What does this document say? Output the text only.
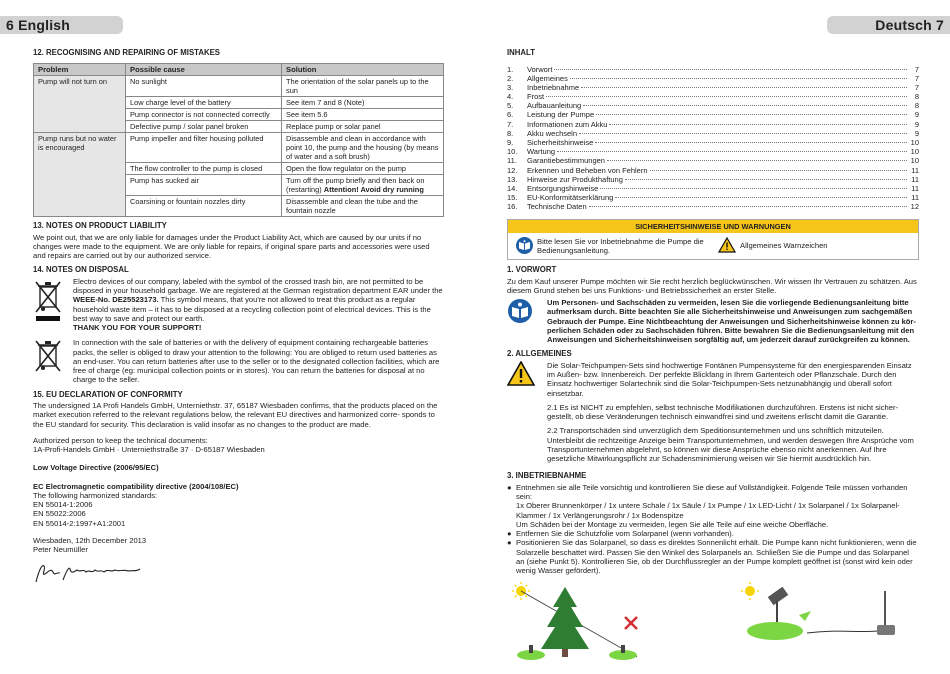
6 English	Deutsch 7
12. RECOGNISING AND REPAIRING OF MISTAKES
Problem	Possible cause	Solution
Pump will not turn on	No sunlight	The orientation of the solar panels up to the sun
	Low charge level of the battery	See item 7 and 8 (Note)
	Pump connector is not connected correctly	See item 5.6
	Defective pump / solar panel broken	Replace pump or solar panel
Pump runs but no water is encouraged	Pump impeller and filter housing polluted	Disassemble and clean in accordance with point 10, the pump and the housing (by means of water and a soft brush)
	The flow controller to the pump is closed	Open the flow regulator on the pump
	Pump has sucked air	Turn off the pump briefly and then back on (restarting) Attention! Avoid dry running
	Coarsining or fountain nozzles dirty	Disassemble and clean the tube and the fountain nozzle
13. NOTES ON PRODUCT LIABILITY

We point out, that we are only liable for damages under the Product Liability Act, which are caused by our units if no changes were made to the equipment. We are only liable for repairs, if original spare parts and accessories were used and repairs are carried out by our authorized service.

14. NOTES ON DISPOSAL

Electro devices of our company, labeled with the symbol of the crossed trash bin, are not permitted to be disposed in your household garbage. We are registered at the German registration department EAR under the WEEE-No. DE25523173. This symbol means, that you're not allowed to treat this product as a regular household waste item – it has to be disposed at a recycling collection point of electrical devices. This is the best way to save and protect our earth.

THANK YOU FOR YOUR SUPPORT!

In connection with the sale of batteries or with the delivery of equipment containing rechargeable batteries packs, the seller is obliged to draw your attention to the following: You are obliged to return used batteries as an end-user. You can return batteries after use to the seller or to the designated collection facilities, which are free of charge (eg: municipal collection points or in stores). You can return the batteries for disposal at no charge to the seller.

15. EU DECLARATION OF CONFORMITY

The undersigned 1A Profi Handels GmbH, Unterniethstr. 37, 65187 Wiesbaden confirms, that the products placed on the market execution referred to the relevant regulations below, the relevant EU directives and harmonized corre- sponds to the EU standard for security. This declaration is valid insofar as no changes to the product are made.

Authorized person to keep the technical documents:

1A-Profi-Handels GmbH · Unterniethstraße 37 · D-65187 Wiesbaden

Low Voltage Directive (2006/95/EC)

EC Electromagnetic compatibility directive (2004/108/EC)

The following harmonized standards:

EN 55014-1:2006

EN 55022:2006

EN 55014-2:1997+A1:2001

Wiesbaden, 12th December 2013

Peter Neumüller

INHALT
1.	Vorwort	7
2.	Allgemeines	7
3.	Inbetriebnahme	7
4.	Frost	8
5.	Aufbauanleitung	8
6.	Leistung der Pumpe	9
7.	Informationen zum Akku	9
8.	Akku wechseln	9
9.	Sicherheitshinweise	10
10.	Wartung	10
11.	Garantiebestimmungen	10
12.	Erkennen und Beheben von Fehlern	11
13.	Hinweise zur Produkthaftung	11
14.	Entsorgungshinweise	11
15.	EU-Konformitätserklärung	11
16.	Technische Daten	12
SICHERHEITSHINWEISE UND WARNUNGEN
Bitte lesen Sie vor Inbetriebnahme die Pumpe die Bedienungsanleitung.
Allgemeines Warnzeichen
1. VORWORT

Zu dem Kauf unserer Pumpe möchten wir Sie recht herzlich beglückwünschen. Wir wissen Ihr Vertrauen zu schätzen. Aus diesem Grund stehen bei uns Funktions- und Betriebssicherheit an erster Stelle.

Um Personen- und Sachschäden zu vermeiden, lesen Sie die vorliegende Bedienungsanleitung bitte aufmerksam durch. Bitte beachten Sie alle Sicherheitshinweise und Anweisungen zum sachgemäßen Gebrauch der Pumpe. Eine Nichtbeachtung der Anweisungen und Sicherheitshinweise können zu kör- perlichen Schäden oder zu Sachschäden führen. Bitte bewahren Sie die Bedienungsanleitung mit den Anweisungen und Sicherheitshinweisen sorgfältig auf, um jederzeit darauf zurückgreifen zu können.

2. ALLGEMEINES

Die Solar-Teichpumpen-Sets sind hochwertige Fontänen Pumpensysteme für den energiesparenden Einsatz im Außen- bzw. Innenbereich. Der perfekte Blickfang in Ihrem Gartenteich oder Pflanzschale. Durch den Einsatz hochwertiger Solartechnik sind die Solar-Teichpumpen-Sets netzunabhängig und überall sofort einsetzbar.

2.1 Es ist NICHT zu empfehlen, selbst technische Modifikationen durchzuführen. Erstens ist nicht sicher- gestellt, ob diese Veränderungen technisch einwandfrei sind und zweitens erlischt damit die Garantie.

2.2 Transportschäden sind unverzüglich dem Speditionsunternehmen und uns schriftlich mitzuteilen. Unterbleibt die rechtzeitige Anzeige beim Transportunternehmen, und werden deswegen Ihre Ansprüche vom Transportunternehmen abgelehnt, so können wir diese Ansprüche ebenso nicht anerkennen. Auf Ihre gesetzliche Mitwirkungspflicht zur Schadensminimierung weisen wir Sie hiermit ausdrücklich hin.

3. INBETRIEBNAHME
● Entnehmen sie alle Teile vorsichtig und kontrollieren Sie diese auf Vollständigkeit. Folgende Teile müssen vorhanden sein:

1x Oberer Brunnenkörper / 1x untere Schale / 1x Säule / 1x Pumpe / 1x LED-Licht / 1x Solarpanel / 1x Solarpanel- Klammer / 1x Verlängerungsrohr / 1x Bodenspitze

Um Schäden bei der Montage zu vermeiden, legen Sie alle Teile auf eine weiche Oberfläche.

● Entfernen Sie die Schutzfolie vom Solarpanel (wenn vorhanden).

● Positionieren Sie das Solarpanel, so dass es direktes Sonnenlicht erhält. Die Pumpe kann nicht funktionieren, wenn die Solarzelle beschattet wird. Passen Sie den Winkel des Solarpanels an. Schließen Sie die Pumpe und das Solarpanel an (siehe Punkt 5). Kontrollieren Sie, ob der Durchflussregler an der Pumpe komplett geöffnet ist (sonst wird kein oder wenig Wasser gefördert).
